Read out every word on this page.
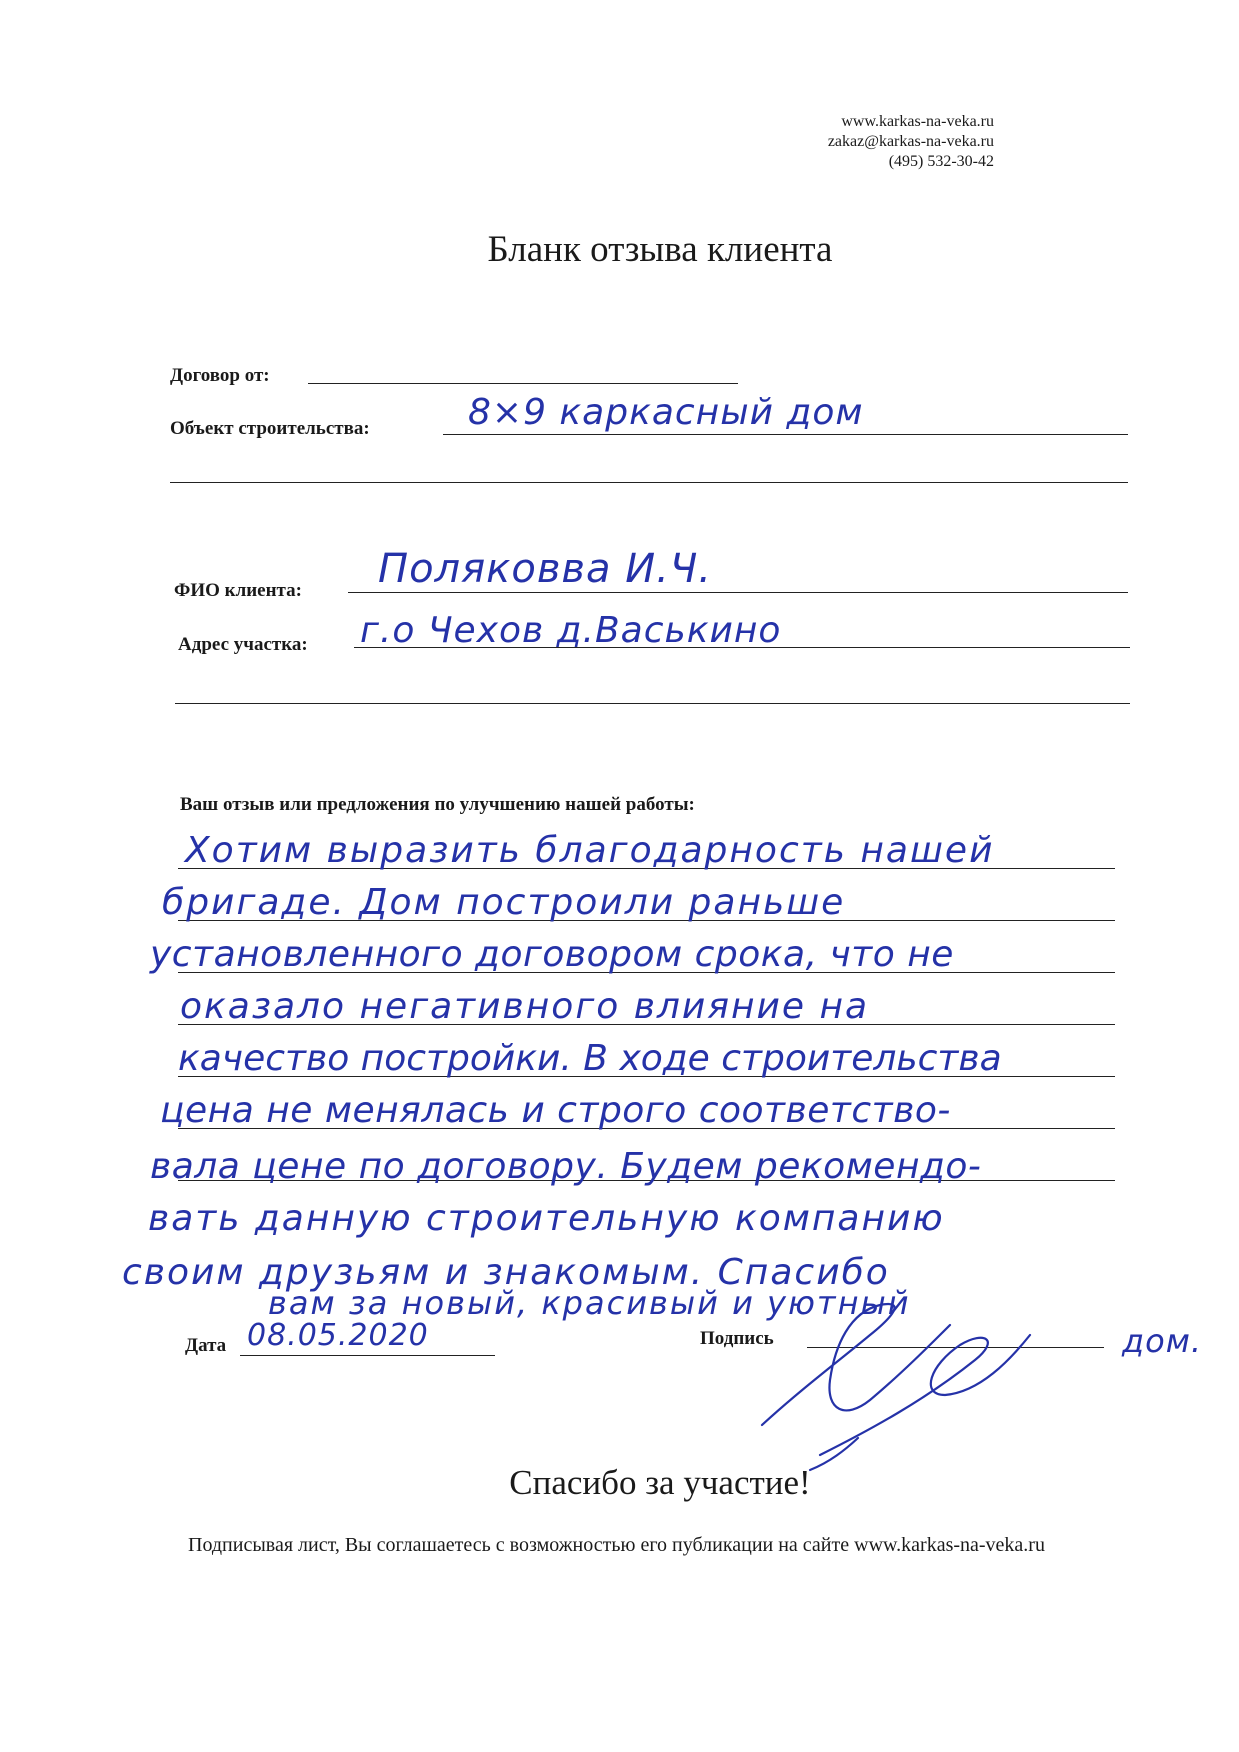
www.karkas-na-veka.ru
zakaz@karkas-na-veka.ru
(495) 532-30-42
Бланк отзыва клиента
Договор от:
Объект строительства:	8×9 каркасный дом
ФИО клиента: Поляковва И.Ч.
Адрес участка: г.о Чехов д.Васькино
Ваш отзыв или предложения по улучшению нашей работы:
Хотим выразить благодарность нашей
бригаде. Дом построили раньше
установленного договором срока, что не
оказало негативного влияние на
качество постройки. В ходе строительства
цена не менялась и строго соответство-
вала цене по договору. Будем рекомендо-
вать данную строительную компанию
своим друзьям и знакомым. Спасибо
вам за новый, красивый и уютный
дом.
Дата 08.05.2020	Подпись
Спасибо за участие!
Подписывая лист, Вы соглашаетесь с возможностью его публикации на сайте www.karkas-na-veka.ru
